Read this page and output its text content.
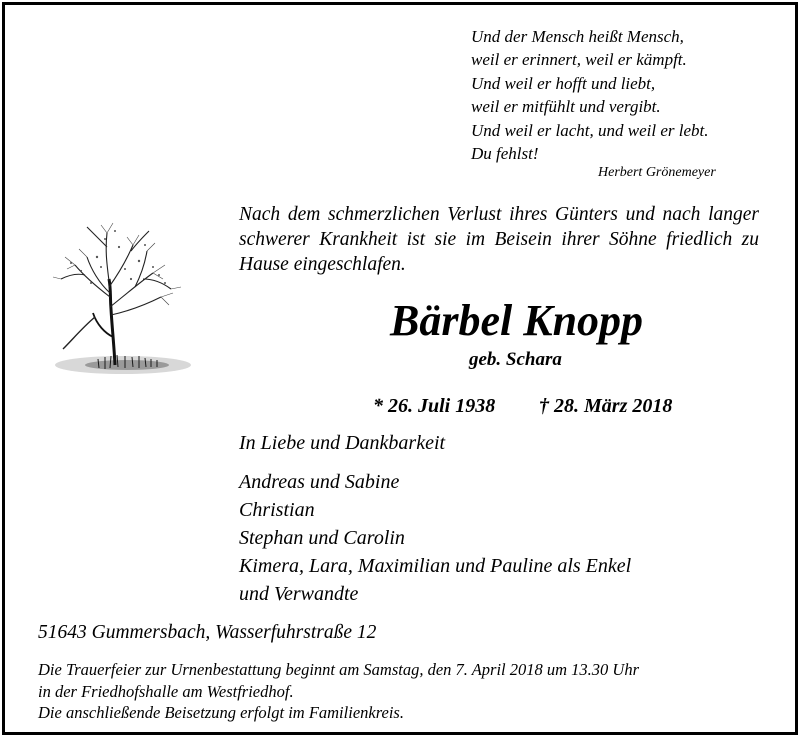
Und der Mensch heißt Mensch,
weil er erinnert, weil er kämpft.
Und weil er hofft und liebt,
weil er mitfühlt und vergibt.
Und weil er lacht, und weil er lebt.
Du fehlst!
Herbert Grönemeyer
Nach dem schmerzlichen Verlust ihres Günters und nach langer schwerer Krankheit ist sie im Beisein ihrer Söhne friedlich zu Hause eingeschlafen.
Bärbel Knopp
geb. Schara
* 26. Juli 1938 † 28. März 2018
In Liebe und Dankbarkeit
Andreas und Sabine
Christian
Stephan und Carolin
Kimera, Lara, Maximilian und Pauline als Enkel
und Verwandte
51643 Gummersbach, Wasserfuhrstraße 12
Die Trauerfeier zur Urnenbestattung beginnt am Samstag, den 7. April 2018 um 13.30 Uhr
in der Friedhofshalle am Westfriedhof.
Die anschließende Beisetzung erfolgt im Familienkreis.
